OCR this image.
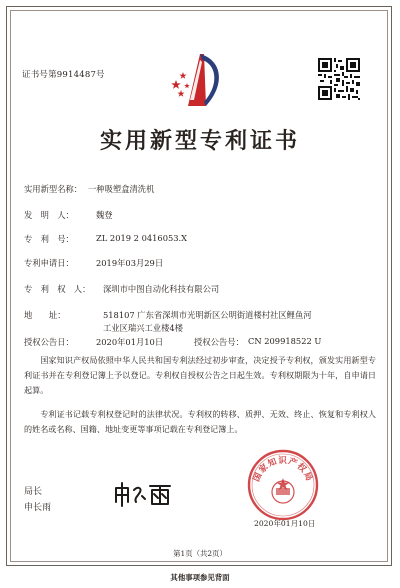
证书号第9914487号
实用新型专利证书
实用新型名称： 一种吸塑盒清洗机
发　明　人：	魏登
专　利　号：	ZL 2019 2 0416053.X
专利申请日：	2019年03月29日
专　利　权　人： 深圳市中图自动化科技有限公司
地　　址：	518107 广东省深圳市光明新区公明街道楼村社区鲤鱼河
工业区瑞兴工业楼4楼
授权公告日：	2020年01月10日	授权公告号： CN 209918522 U
国家知识产权局依照中华人民共和国专利法经过初步审查，决定授予专利权，颁发实用新型专利证书并在专利登记簿上予以登记。专利权自授权公告之日起生效。专利权期限为十年，自申请日起算。
专利证书记载专利权登记时的法律状况。专利权的转移、质押、无效、终止、恢复和专利权人的姓名或名称、国籍、地址变更等事项记载在专利登记簿上。
国家知识产权局
2020年01月10日
局长
申长雨
第1页（共2页）
其他事项参见背面
